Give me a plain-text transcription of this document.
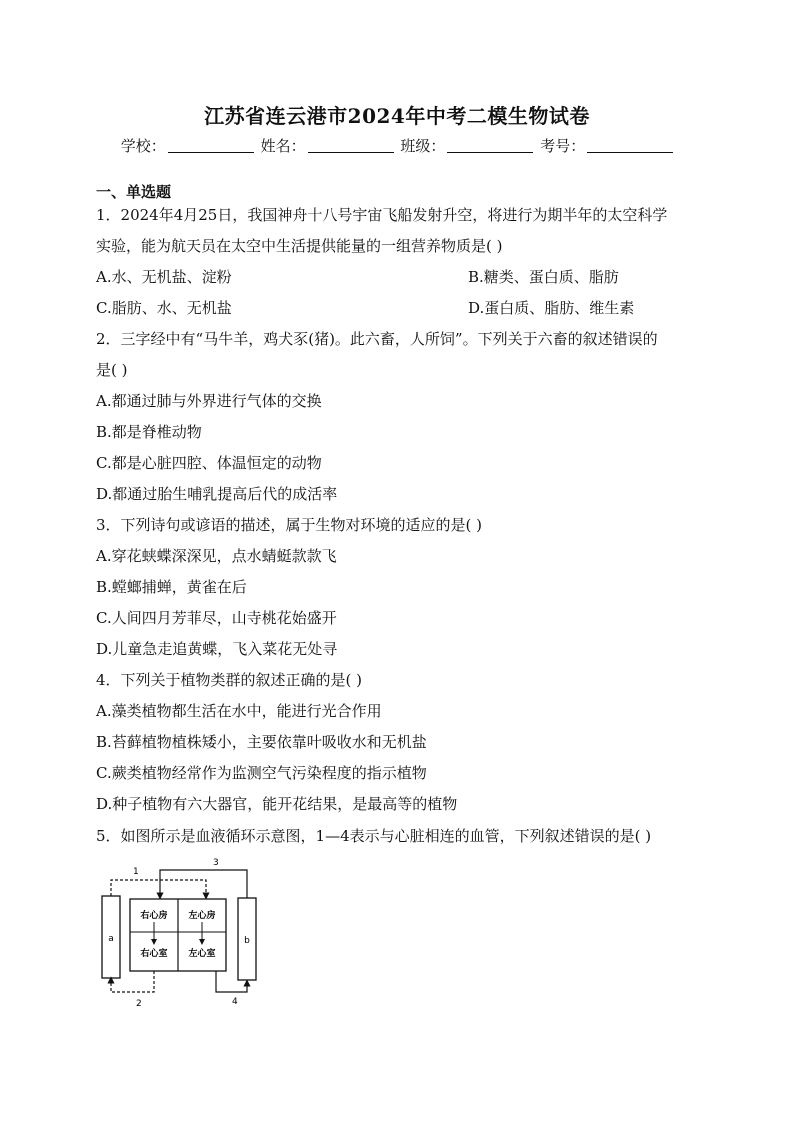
江苏省连云港市2024年中考二模生物试卷
学校：	姓名：	班级：	考号：
一、单选题
1．2024年4月25日，我国神舟十八号宇宙飞船发射升空，将进行为期半年的太空科学
实验，能为航天员在太空中生活提供能量的一组营养物质是( )
A.水、无机盐、淀粉	B.糖类、蛋白质、脂肪
C.脂肪、水、无机盐	D.蛋白质、脂肪、维生素
2．三字经中有“马牛羊，鸡犬豕(猪)。此六畜，人所饲”。下列关于六畜的叙述错误的
是( )
A.都通过肺与外界进行气体的交换
B.都是脊椎动物
C.都是心脏四腔、体温恒定的动物
D.都通过胎生哺乳提高后代的成活率
3．下列诗句或谚语的描述，属于生物对环境的适应的是( )
A.穿花蛱蝶深深见，点水蜻蜓款款飞
B.螳螂捕蝉，黄雀在后
C.人间四月芳菲尽，山寺桃花始盛开
D.儿童急走追黄蝶，飞入菜花无处寻
4．下列关于植物类群的叙述正确的是( )
A.藻类植物都生活在水中，能进行光合作用
B.苔藓植物植株矮小，主要依靠叶吸收水和无机盐
C.蕨类植物经常作为监测空气污染程度的指示植物
D.种子植物有六大器官，能开花结果，是最高等的植物
5．如图所示是血液循环示意图，1—4表示与心脏相连的血管，下列叙述错误的是( )
a	b
右心房 左心房
右心室 左心室
1
3
2	4
